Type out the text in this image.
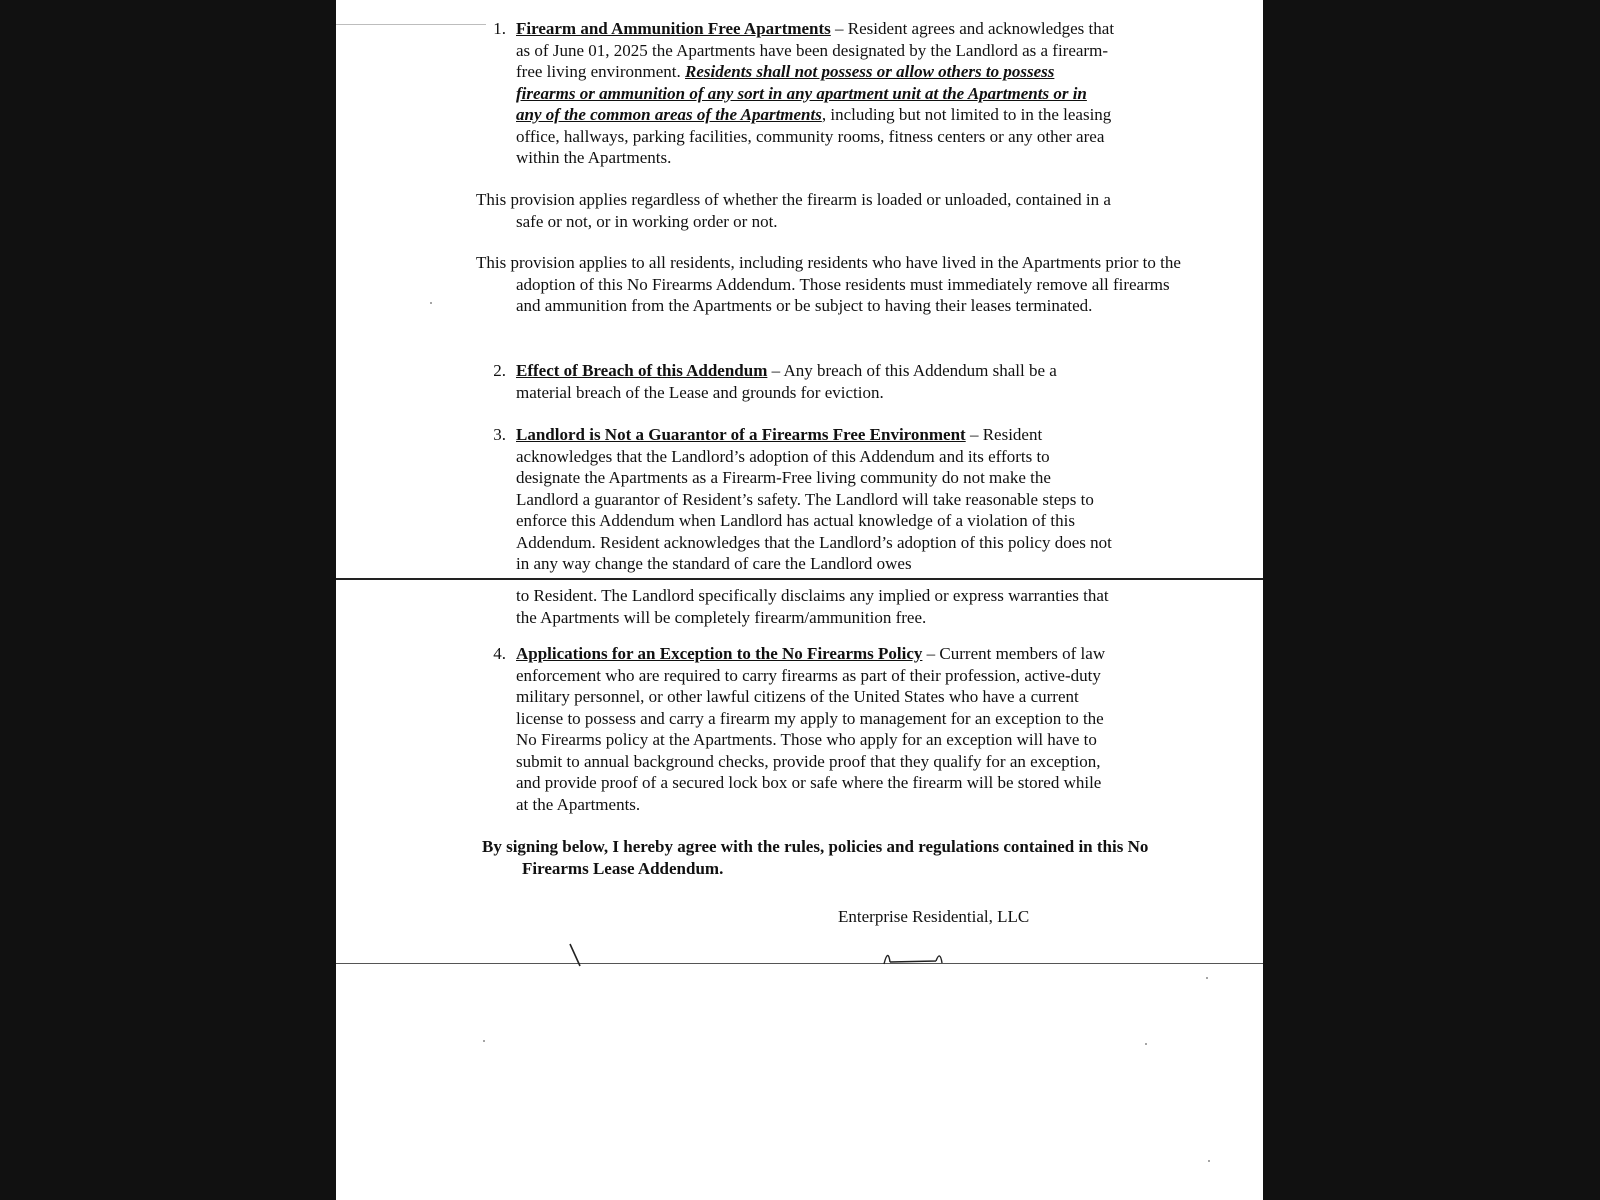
1. Firearm and Ammunition Free Apartments – Resident agrees and acknowledges that as of June 01, 2025 the Apartments have been designated by the Landlord as a firearm-free living environment. Residents shall not possess or allow others to possess firearms or ammunition of any sort in any apartment unit at the Apartments or in any of the common areas of the Apartments, including but not limited to in the leasing office, hallways, parking facilities, community rooms, fitness centers or any other area within the Apartments.
This provision applies regardless of whether the firearm is loaded or unloaded, contained in a safe or not, or in working order or not.
This provision applies to all residents, including residents who have lived in the Apartments prior to the adoption of this No Firearms Addendum. Those residents must immediately remove all firearms and ammunition from the Apartments or be subject to having their leases terminated.
2. Effect of Breach of this Addendum – Any breach of this Addendum shall be a material breach of the Lease and grounds for eviction.
3. Landlord is Not a Guarantor of a Firearms Free Environment – Resident acknowledges that the Landlord’s adoption of this Addendum and its efforts to designate the Apartments as a Firearm-Free living community do not make the Landlord a guarantor of Resident’s safety. The Landlord will take reasonable steps to enforce this Addendum when Landlord has actual knowledge of a violation of this Addendum. Resident acknowledges that the Landlord’s adoption of this policy does not in any way change the standard of care the Landlord owes
to Resident. The Landlord specifically disclaims any implied or express warranties that the Apartments will be completely firearm/ammunition free.
4. Applications for an Exception to the No Firearms Policy – Current members of law enforcement who are required to carry firearms as part of their profession, active-duty military personnel, or other lawful citizens of the United States who have a current license to possess and carry a firearm my apply to management for an exception to the No Firearms policy at the Apartments. Those who apply for an exception will have to submit to annual background checks, provide proof that they qualify for an exception, and provide proof of a secured lock box or safe where the firearm will be stored while at the Apartments.
By signing below, I hereby agree with the rules, policies and regulations contained in this No Firearms Lease Addendum.
Enterprise Residential, LLC
